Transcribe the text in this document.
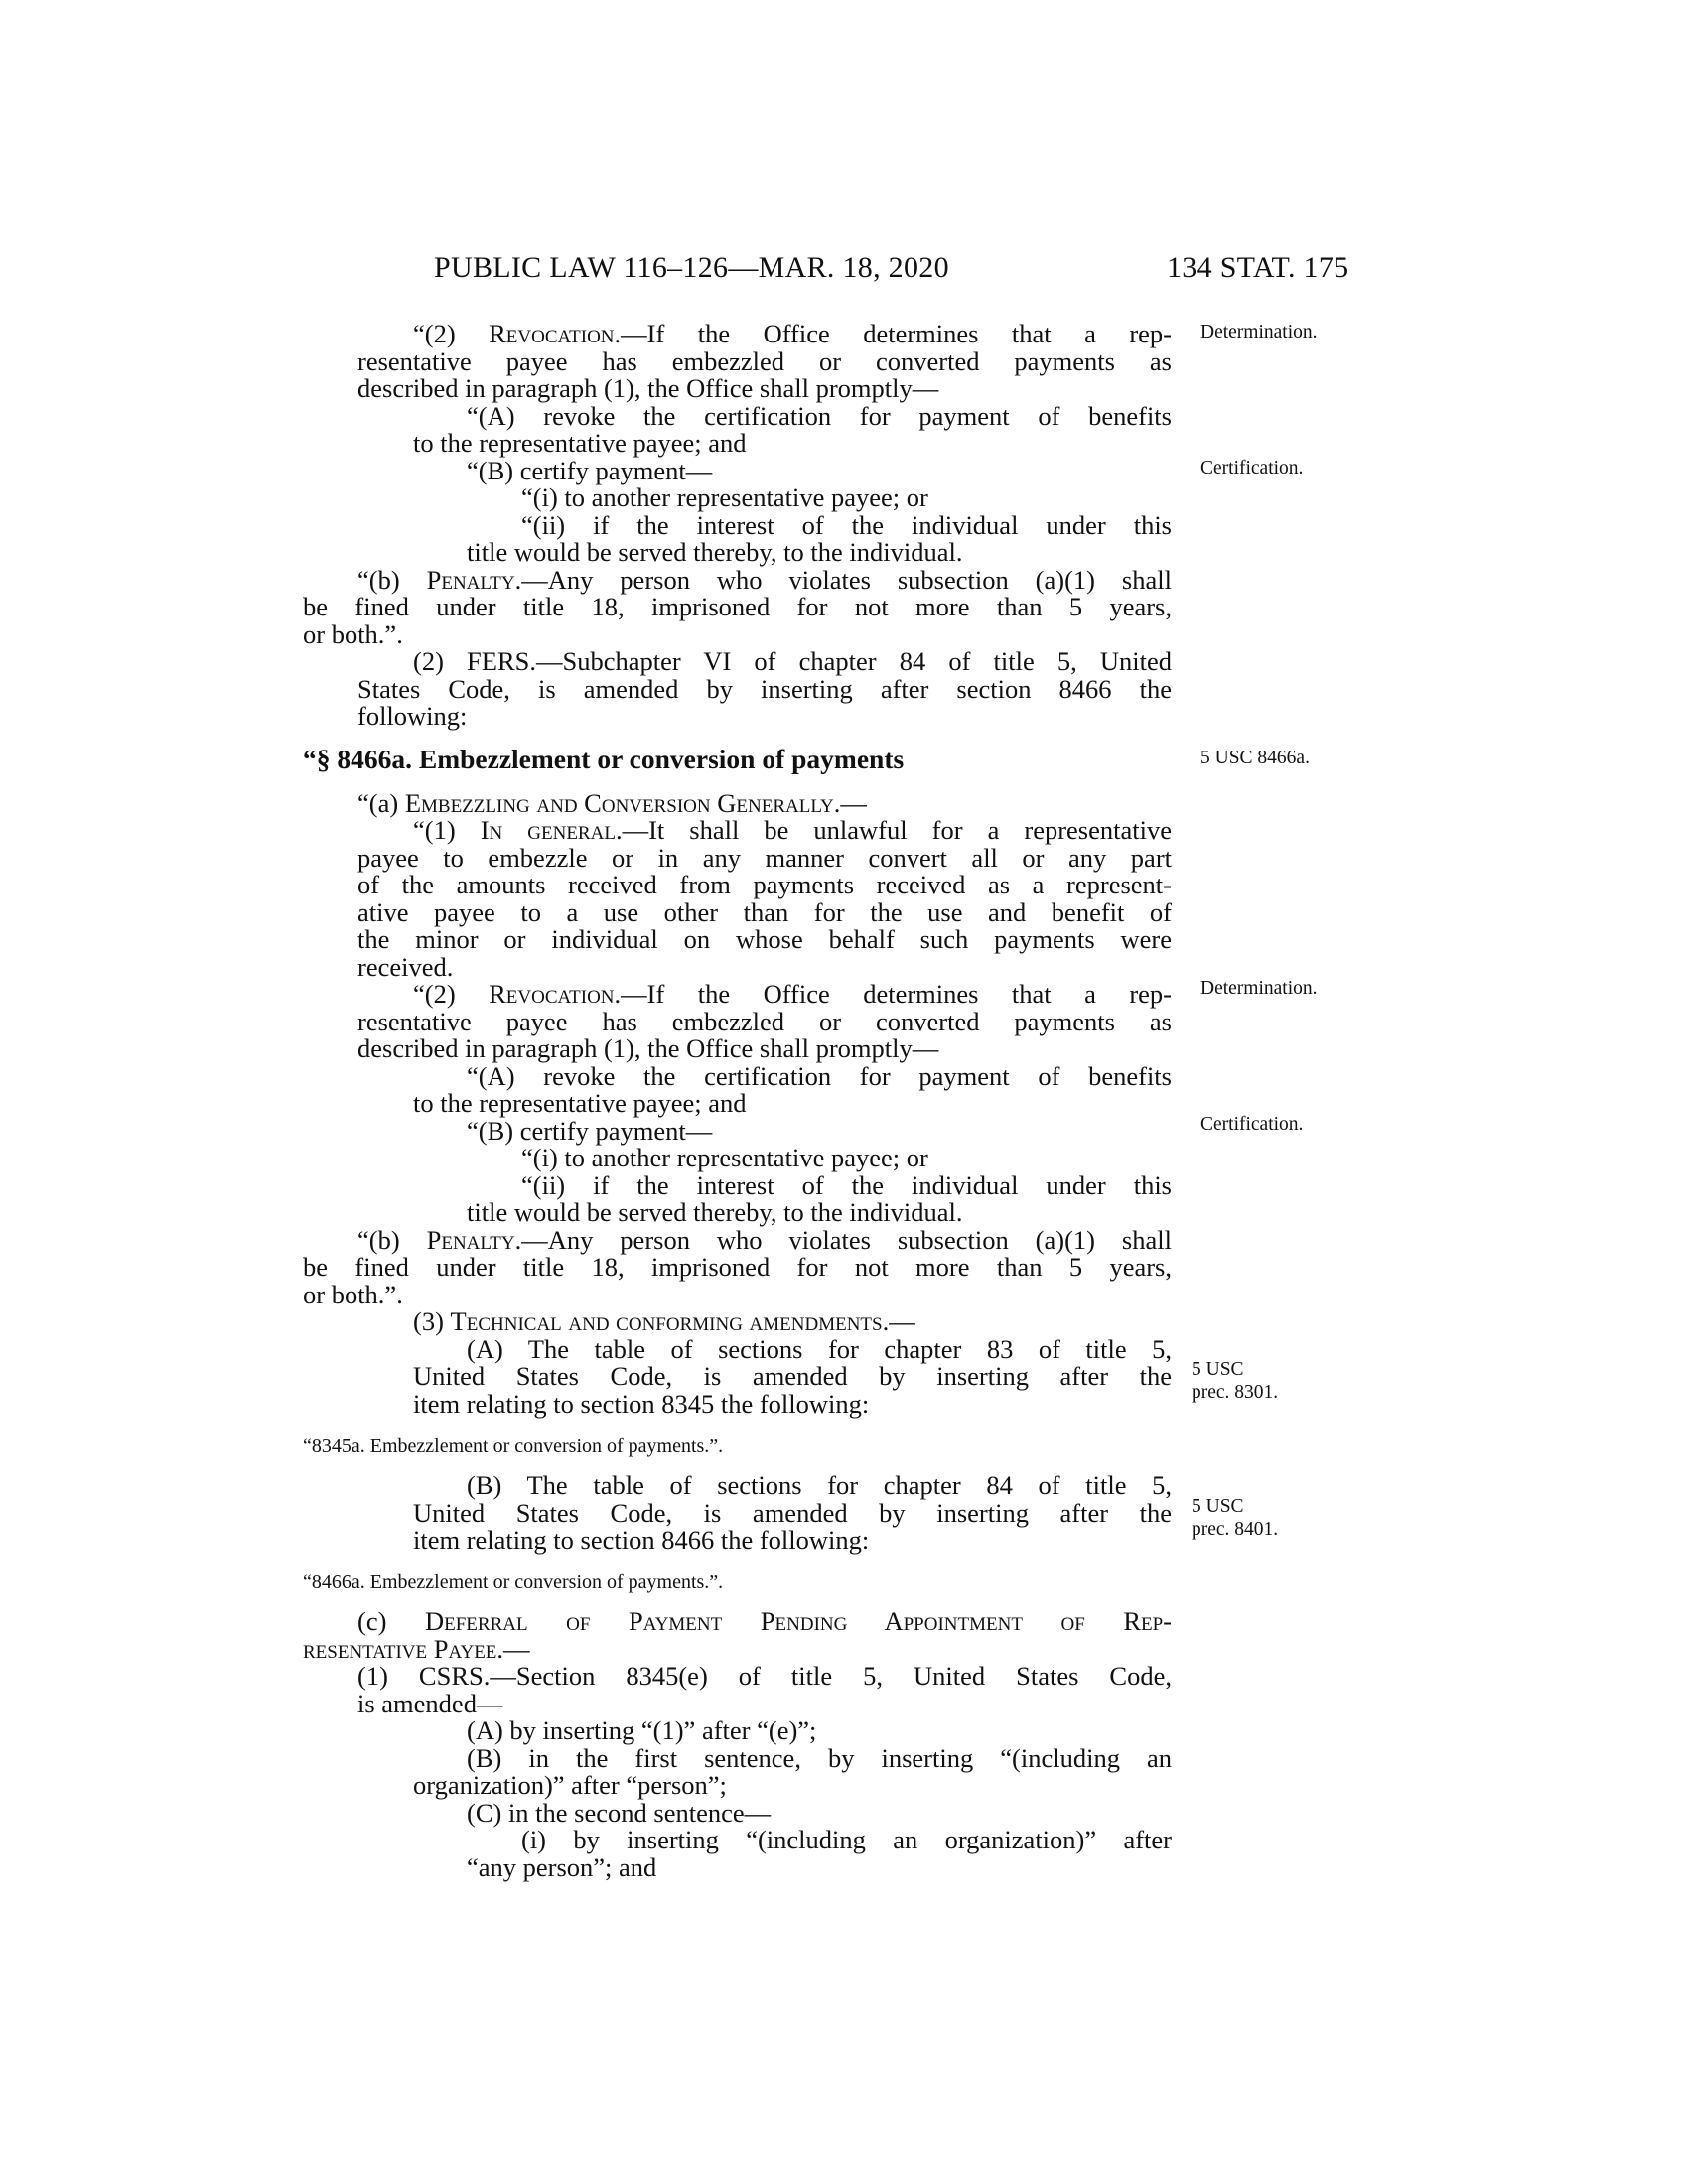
PUBLIC LAW 116–126—MAR. 18, 2020	134 STAT. 175
Determination.
Certification.
5 USC 8466a.
Determination.
Certification.
5 USC
prec. 8301.
5 USC
prec. 8401.
“(2) Revocation.—If the Office determines that a rep-
resentative payee has embezzled or converted payments as
described in paragraph (1), the Office shall promptly—
“(A) revoke the certification for payment of benefits
to the representative payee; and
“(B) certify payment—
“(i) to another representative payee; or
“(ii) if the interest of the individual under this
title would be served thereby, to the individual.
“(b) Penalty.—Any person who violates subsection (a)(1) shall
be fined under title 18, imprisoned for not more than 5 years,
or both.”.
(2) FERS.—Subchapter VI of chapter 84 of title 5, United
States Code, is amended by inserting after section 8466 the
following:
“§ 8466a. Embezzlement or conversion of payments
“(a) Embezzling and Conversion Generally.—
“(1) In general.—It shall be unlawful for a representative
payee to embezzle or in any manner convert all or any part
of the amounts received from payments received as a represent-
ative payee to a use other than for the use and benefit of
the minor or individual on whose behalf such payments were
received.
“(2) Revocation.—If the Office determines that a rep-
resentative payee has embezzled or converted payments as
described in paragraph (1), the Office shall promptly—
“(A) revoke the certification for payment of benefits
to the representative payee; and
“(B) certify payment—
“(i) to another representative payee; or
“(ii) if the interest of the individual under this
title would be served thereby, to the individual.
“(b) Penalty.—Any person who violates subsection (a)(1) shall
be fined under title 18, imprisoned for not more than 5 years,
or both.”.
(3) Technical and conforming amendments.—
(A) The table of sections for chapter 83 of title 5,
United States Code, is amended by inserting after the
item relating to section 8345 the following:
“8345a. Embezzlement or conversion of payments.”.
(B) The table of sections for chapter 84 of title 5,
United States Code, is amended by inserting after the
item relating to section 8466 the following:
“8466a. Embezzlement or conversion of payments.”.
(c) Deferral of Payment Pending Appointment of Rep-
resentative Payee.—
(1) CSRS.—Section 8345(e) of title 5, United States Code,
is amended—
(A) by inserting “(1)” after “(e)”;
(B) in the first sentence, by inserting “(including an
organization)” after “person”;
(C) in the second sentence—
(i) by inserting “(including an organization)” after
“any person”; and
